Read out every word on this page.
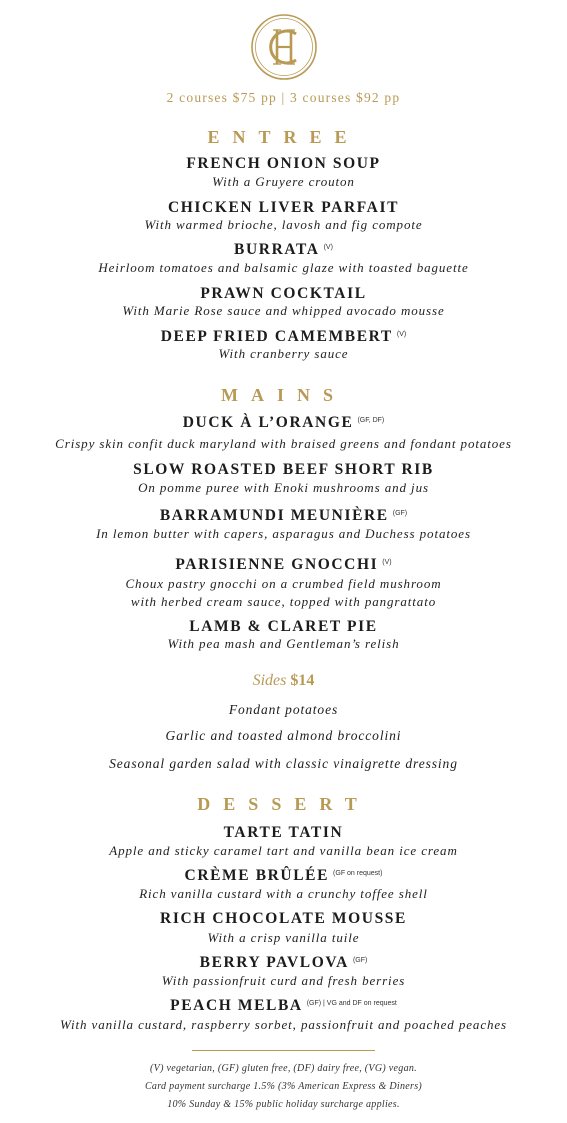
2 courses $75 pp | 3 courses $92 pp
ENTREE
FRENCH ONION SOUP
With a Gruyere crouton
CHICKEN LIVER PARFAIT
With warmed brioche, lavosh and fig compote
BURRATA $^{(V)}$
Heirloom tomatoes and balsamic glaze with toasted baguette
PRAWN COCKTAIL
With Marie Rose sauce and whipped avocado mousse
DEEP FRIED CAMEMBERT $^{(V)}$
With cranberry sauce
MAINS
DUCK À L’ORANGE $^{(GF, DF)}$
Crispy skin confit duck maryland with braised greens and fondant potatoes
SLOW ROASTED BEEF SHORT RIB
On pomme puree with Enoki mushrooms and jus
BARRAMUNDI MEUNIÈRE $^{(GF)}$
In lemon butter with capers, asparagus and Duchess potatoes
PARISIENNE GNOCCHI $^{(V)}$
Choux pastry gnocchi on a crumbed field mushroom
with herbed cream sauce, topped with pangrattato
LAMB & CLARET PIE
With pea mash and Gentleman’s relish
Sides $14
Fondant potatoes
Garlic and toasted almond broccolini
Seasonal garden salad with classic vinaigrette dressing
DESSERT
TARTE TATIN
Apple and sticky caramel tart and vanilla bean ice cream
CRÈME BRÛLÉE $^{(GF on request)}$
Rich vanilla custard with a crunchy toffee shell
RICH CHOCOLATE MOUSSE
With a crisp vanilla tuile
BERRY PAVLOVA $^{(GF)}$
With passionfruit curd and fresh berries
PEACH MELBA $^{(GF) | VG and DF on request}$
With vanilla custard, raspberry sorbet, passionfruit and poached peaches
(V) vegetarian, (GF) gluten free, (DF) dairy free, (VG) vegan.
Card payment surcharge 1.5% (3% American Express & Diners)
10% Sunday & 15% public holiday surcharge applies.
